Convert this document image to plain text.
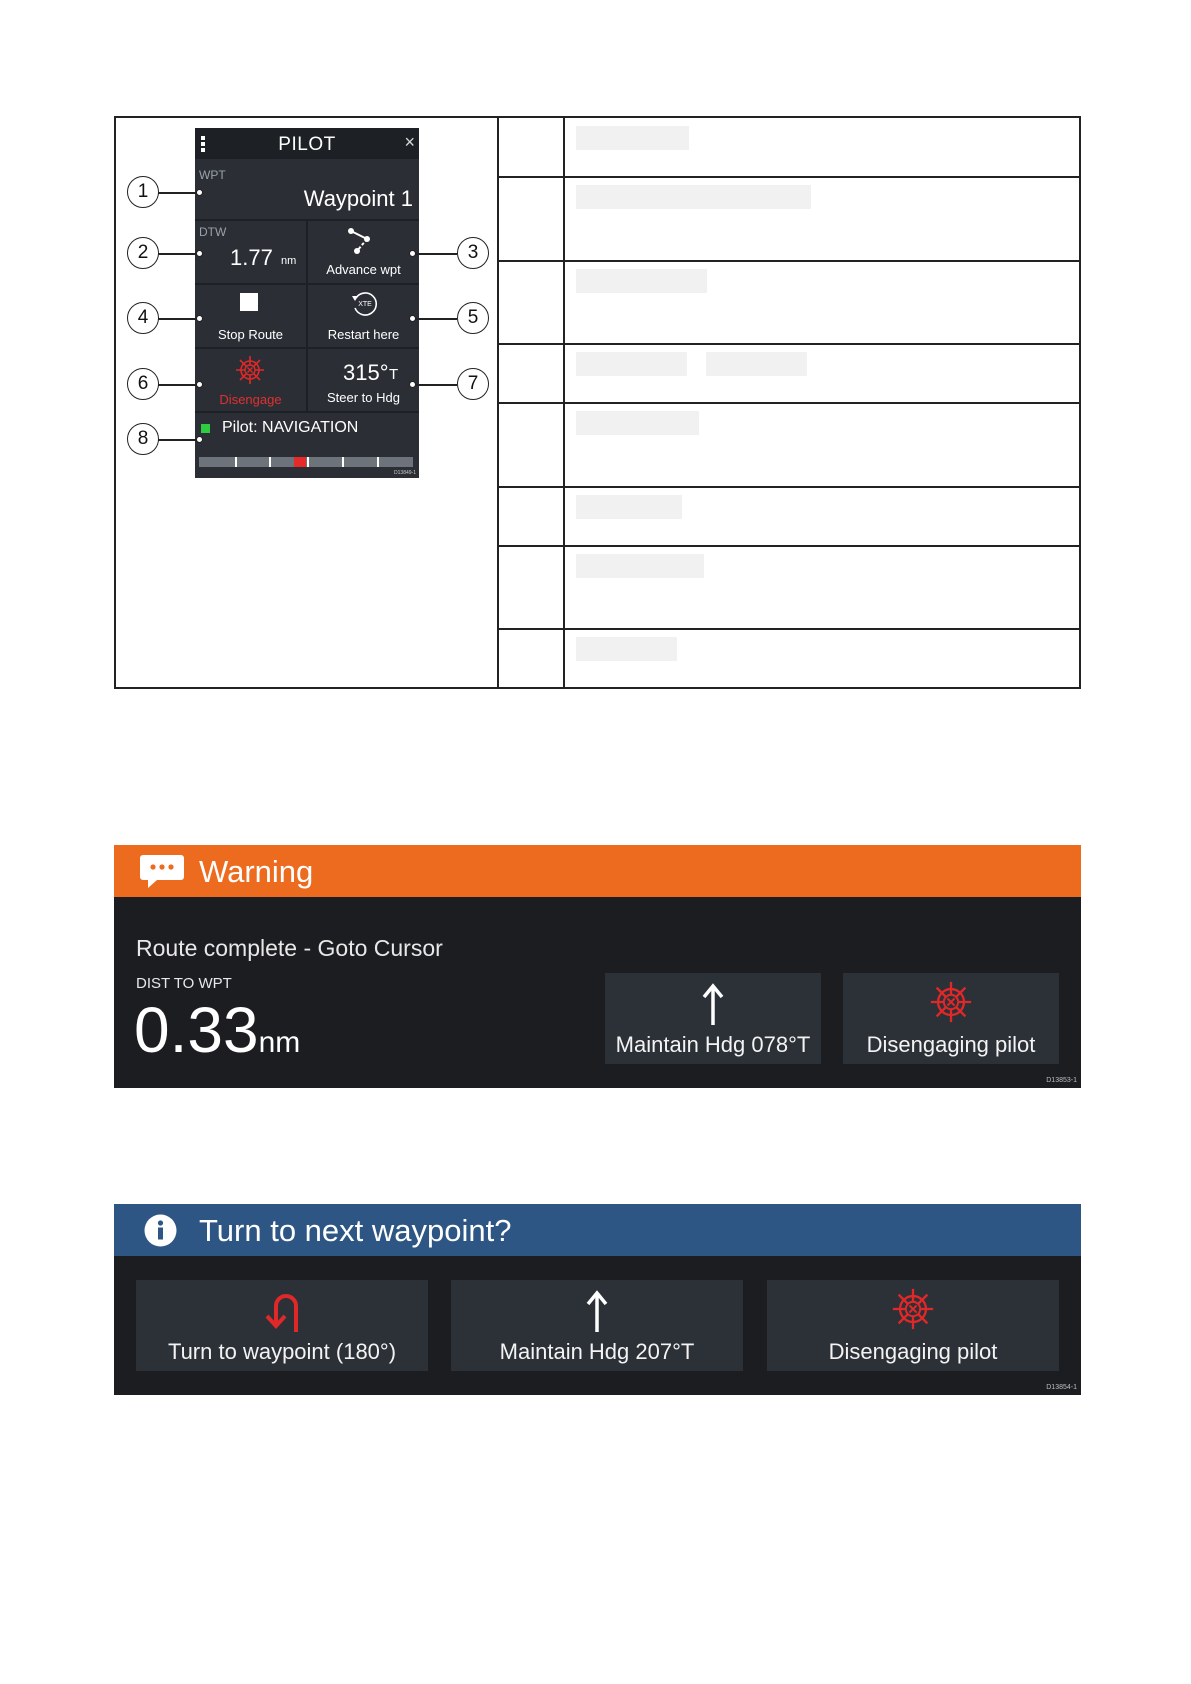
PILOT	×
WPT
Waypoint 1
DTW
1.77 nm
Advance wpt
Stop Route
XTE
Restart here
Disengage
315° T
Steer to Hdg
Pilot: NAVIGATION
D13849-1
1
2	3
4	5
6	7
8
Warning
Route complete - Goto Cursor
DIST TO WPT
0.33nm	Maintain Hdg 078°T	Disengaging pilot
D13853-1
Turn to next waypoint?
Turn to waypoint (180°)	Maintain Hdg 207°T	Disengaging pilot
D13854-1
